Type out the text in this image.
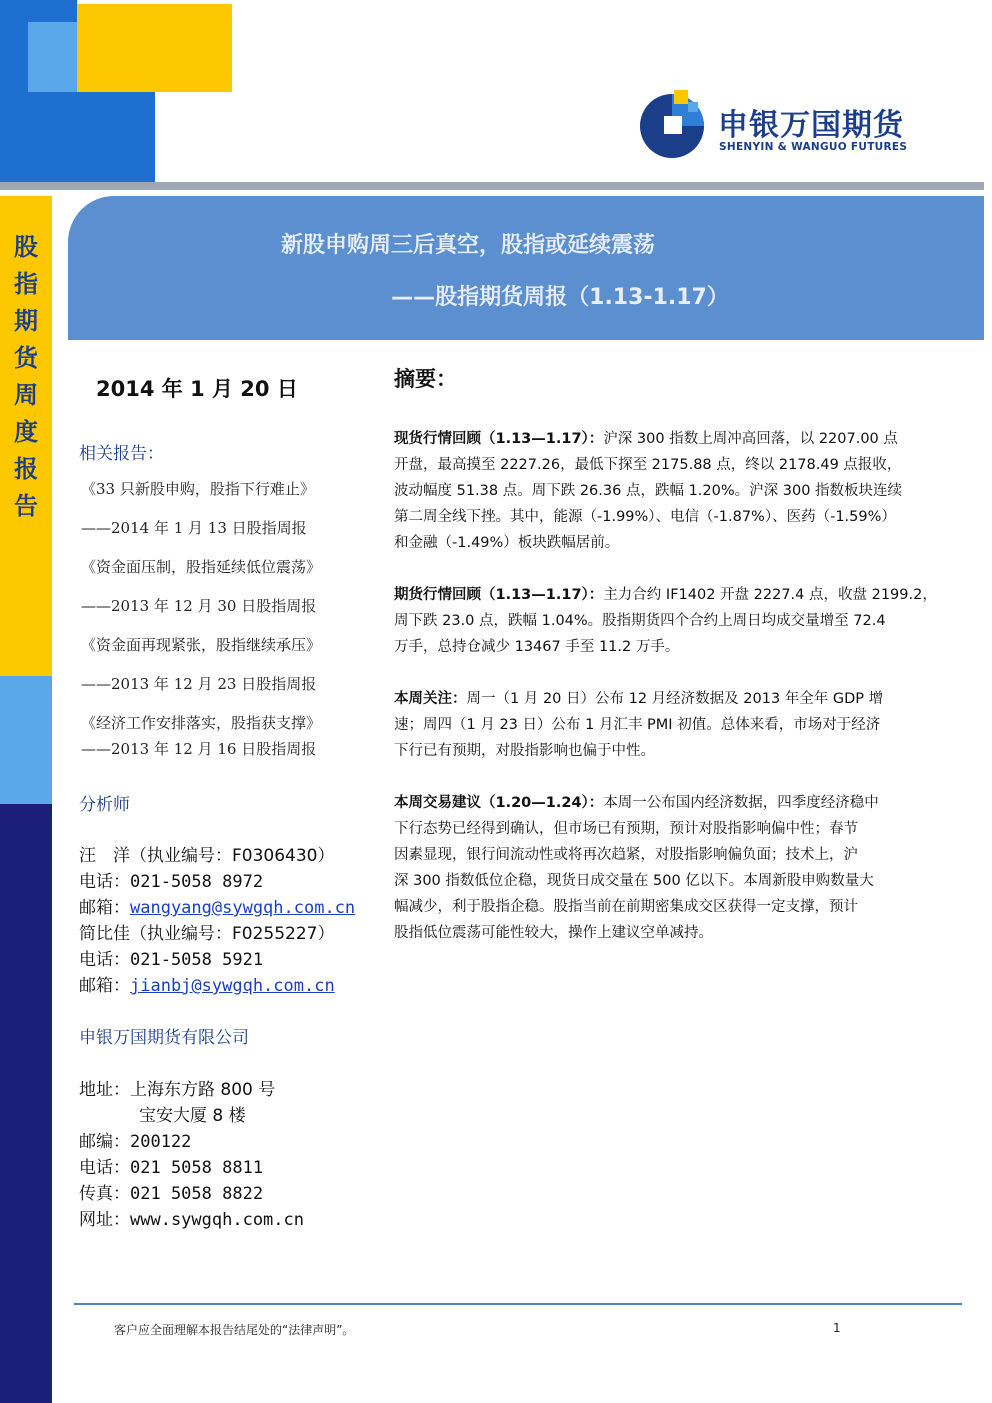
申银万国期货
SHENYIN & WANGUO FUTURES
股
指
期
货
周
度
报
告
新股申购周三后真空，股指或延续震荡
——股指期货周报（1.13-1.17）
2014 年 1 月 20 日
相关报告：
《33 只新股申购，股指下行难止》
——2014 年 1 月 13 日股指周报
《资金面压制，股指延续低位震荡》
——2013 年 12 月 30 日股指周报
《资金面再现紧张，股指继续承压》
——2013 年 12 月 23 日股指周报
《经济工作安排落实，股指获支撑》
——2013 年 12 月 16 日股指周报
分析师
汪　洋（执业编号：F0306430）
电话：021-5058 8972
邮箱：wangyang@sywgqh.com.cn
简比佳（执业编号：F0255227）
电话：021-5058 5921
邮箱：jianbj@sywgqh.com.cn
申银万国期货有限公司
地址：上海东方路 800 号
宝安大厦 8 楼
邮编：200122
电话：021 5058 8811
传真：021 5058 8822
网址：www.sywgqh.com.cn
摘要：
现货行情回顾（1.13—1.17）：沪深 300 指数上周冲高回落，以 2207.00 点
开盘，最高摸至 2227.26，最低下探至 2175.88 点，终以 2178.49 点报收，
波动幅度 51.38 点。周下跌 26.36 点，跌幅 1.20%。沪深 300 指数板块连续
第二周全线下挫。其中，能源（-1.99%）、电信（-1.87%）、医药（-1.59%）
和金融（-1.49%）板块跌幅居前。
期货行情回顾（1.13—1.17）：主力合约 IF1402 开盘 2227.4 点，收盘 2199.2，
周下跌 23.0 点，跌幅 1.04%。股指期货四个合约上周日均成交量增至 72.4
万手，总持仓减少 13467 手至 11.2 万手。
本周关注：周一（1 月 20 日）公布 12 月经济数据及 2013 年全年 GDP 增
速；周四（1 月 23 日）公布 1 月汇丰 PMI 初值。总体来看，市场对于经济
下行已有预期，对股指影响也偏于中性。
本周交易建议（1.20—1.24）：本周一公布国内经济数据，四季度经济稳中
下行态势已经得到确认，但市场已有预期，预计对股指影响偏中性；春节
因素显现，银行间流动性或将再次趋紧，对股指影响偏负面；技术上，沪
深 300 指数低位企稳，现货日成交量在 500 亿以下。本周新股申购数量大
幅减少，利于股指企稳。股指当前在前期密集成交区获得一定支撑，预计
股指低位震荡可能性较大，操作上建议空单减持。
客户应全面理解本报告结尾处的“法律声明”。	1
